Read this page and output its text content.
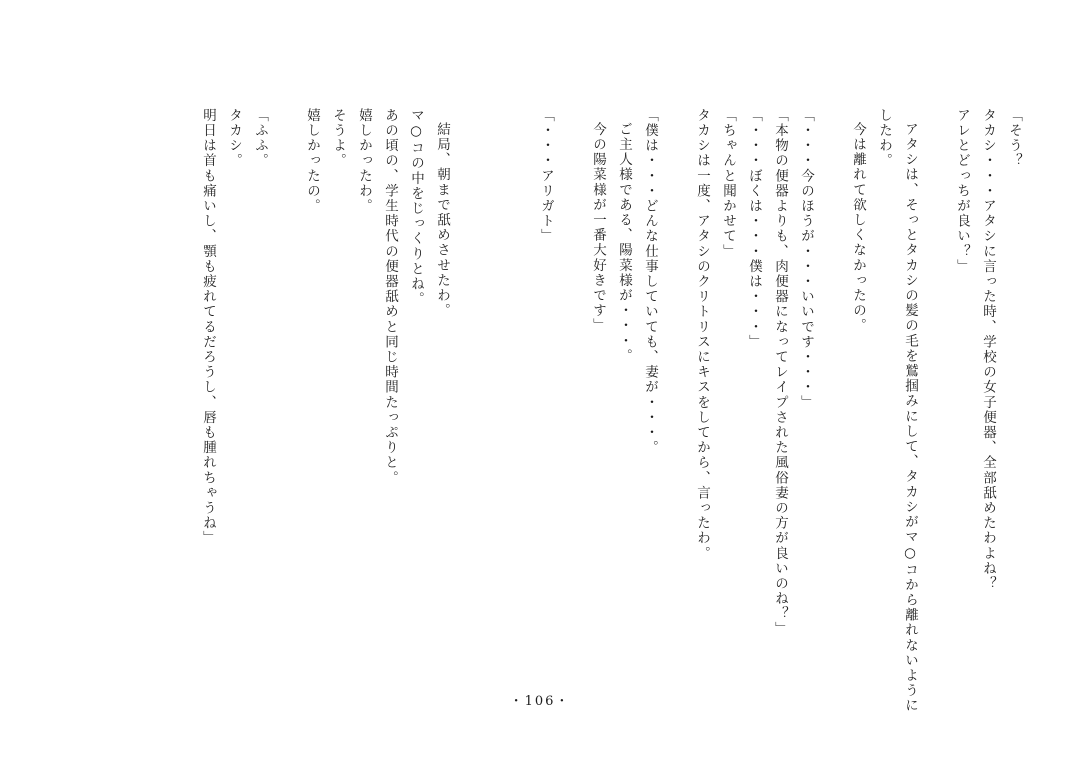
「そう？
タカシ・・・アタシに言った時、学校の女子便器、全部舐めたわよね？
アレとどっちが良い？」
アタシは、そっとタカシの髪の毛を鷲掴みにして、タカシがマ○コから離れないように
したわ。
今は離れて欲しくなかったの。
「・・・今のほうが・・・いいです・・・」
「本物の便器よりも、肉便器になってレイプされた風俗妻の方が良いのね？」
「・・・ぼくは・・・僕は・・・」
「ちゃんと聞かせて」
タカシは一度、アタシのクリトリスにキスをしてから、言ったわ。
「僕は・・・どんな仕事していても、妻が・・・。
ご主人様である、陽菜様が・・・。
今の陽菜様が一番大好きです」
「・・・アリガト」
結局、朝まで舐めさせたわ。
マ○コの中をじっくりとね。
あの頃の、学生時代の便器舐めと同じ時間たっぷりと。
嬉しかったわ。
そうよ。
嬉しかったの。
「ふふ。
タカシ。
明日は首も痛いし、顎も疲れてるだろうし、唇も腫れちゃうね」
・106・
